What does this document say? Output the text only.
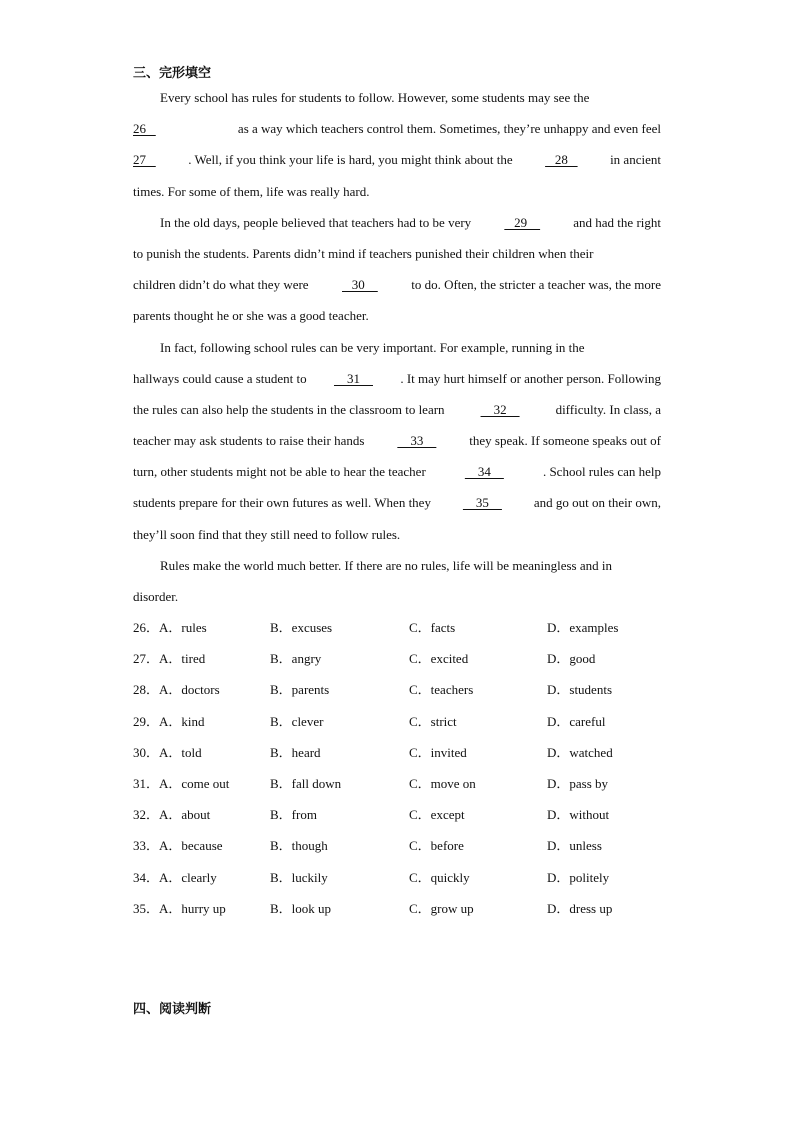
三、完形填空
Every school has rules for students to follow. However, some students may see the
26	as a way which teachers control them. Sometimes, they’re unhappy and even feel
27 . Well, if you think your life is hard, you might think about the 28 in ancient
times. For some of them, life was really hard.
In the old days, people believed that teachers had to be very	29	and had the right
to punish the students. Parents didn’t mind if teachers punished their children when their
children didn’t do what they were	30	to do. Often, the stricter a teacher was, the more
parents thought he or she was a good teacher.
In fact, following school rules can be very important. For example, running in the
hallways could cause a student to 31 . It may hurt himself or another person. Following
the rules can also help the students in the classroom to learn	32	difficulty. In class, a
teacher may ask students to raise their hands	33	they speak. If someone speaks out of
turn, other students might not be able to hear the teacher	34	. School rules can help
students prepare for their own futures as well. When they 35 and go out on their own,
they’ll soon find that they still need to follow rules.
Rules make the world much better. If there are no rules, life will be meaningless and in
disorder.
26． A．rules	B．excuses	C．facts	D．examples
27． A．tired	B．angry	C．excited	D．good
28． A．doctors	B．parents	C．teachers	D．students
29． A．kind	B．clever	C．strict	D．careful
30． A．told	B．heard	C．invited	D．watched
31． A．come out	B．fall down	C．move on	D．pass by
32． A．about	B．from	C．except	D．without
33． A．because	B．though	C．before	D．unless
34． A．clearly	B．luckily	C．quickly	D．politely
35． A．hurry up	B．look up	C．grow up	D．dress up
四、阅读判断
